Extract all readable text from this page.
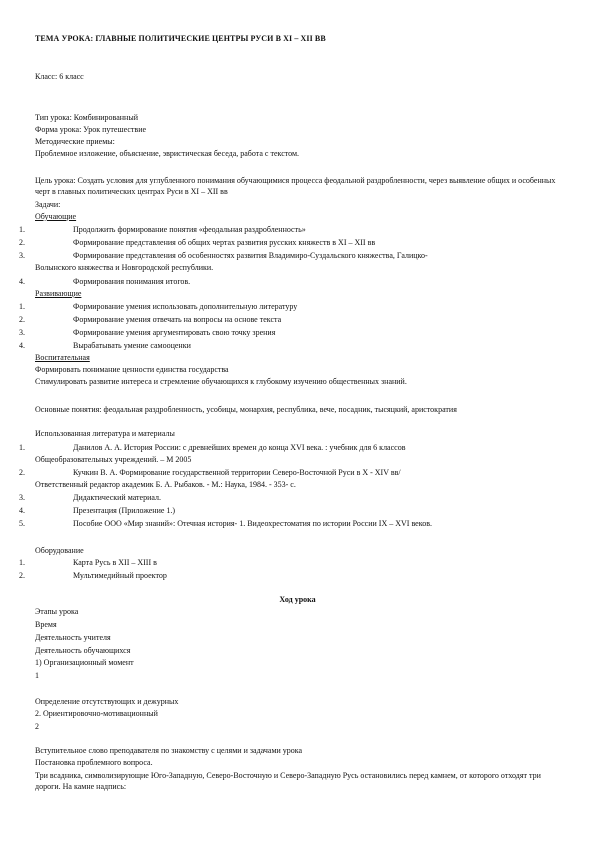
ТЕМА УРОКА: ГЛАВНЫЕ ПОЛИТИЧЕСКИЕ ЦЕНТРЫ РУСИ В XI – XII ВВ
Класс: 6 класс
Тип урока: Комбинированный
Форма урока: Урок путешествие
Методические приемы:
Проблемное изложение, объяснение, эвристическая беседа, работа с текстом.
Цель урока: Создать условия для углубленного понимания обучающимися процесса феодальной раздробленности, через выявление общих и особенных черт в главных политических центрах Руси в XI – XII вв
Задачи:
Обучающие
1.	Продолжить формирование понятия «феодальная раздробленность»
2.	Формирование представления об общих чертах развития русских княжеств в XI – XII вв
3.	Формирование представления об особенностях развития Владимиро-Суздальского княжества, Галицко-
Волынского княжества и Новгородской республики.
4.	Формирования понимания итогов.
Развивающие
1.	Формирование умения использовать дополнительную литературу
2.	Формирование умения отвечать на вопросы на основе текста
3.	Формирование умения аргументировать свою точку зрения
4.	Вырабатывать умение самооценки
Воспитательная
Формировать понимание ценности единства государства
Стимулировать развитие интереса и стремление обучающихся к глубокому изучению общественных знаний.
Основные понятия: феодальная раздробленность, усобицы, монархия, республика, вече, посадник, тысяцкий, аристократия
Использованная литература и материалы
1.	Данилов А. А. История России: с древнейших времен до конца XVI века. : учебник для 6 классов
Общеобразовательных учреждений. – М 2005
2.	Кучкин В. А. Формирование государственной территории Северо-Восточной Руси в X - XIV вв/
Ответственный редактор академик Б. А. Рыбаков. - М.: Наука, 1984. - 353- с.
3.	Дидактический материал.
4.	Презентация (Приложение 1.)
5.	Пособие ООО «Мир знаний»: Отечная история- 1. Видеохрестоматия по истории России IX – XVI веков.
Оборудование
1.	Карта Русь в XII – XIII в
2.	Мультимедийный проектор
Ход урока
Этапы урока
Время
Деятельность учителя
Деятельность обучающихся
1) Организационный момент
1
Определение отсутствующих и дежурных
2. Ориентировочно-мотивационный
2
Вступительное слово преподавателя по знакомству с целями и задачами урока
Постановка проблемного вопроса.
Три всадника, символизирующие Юго-Западную, Северо-Восточную и Северо-Западную Русь остановились перед камнем, от которого отходят три дороги. На камне надпись:
